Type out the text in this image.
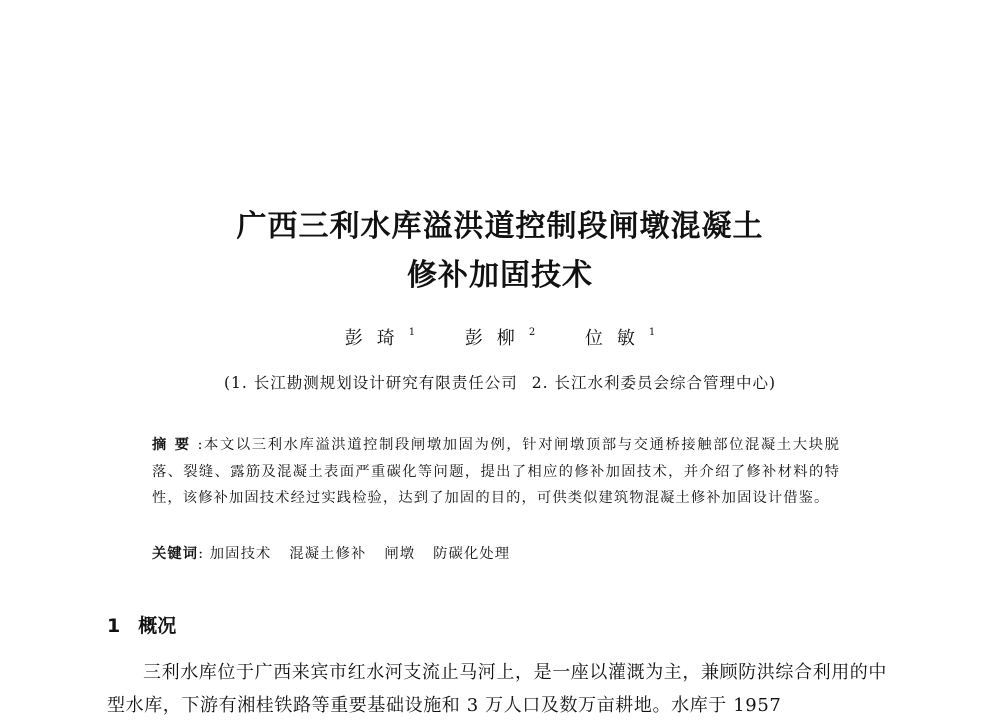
广西三利水库溢洪道控制段闸墩混凝土
修补加固技术
彭琦$^1$	彭柳$^2$	位敏$^1$
(1. 长江勘测规划设计研究有限责任公司 2. 长江水利委员会综合管理中心)
摘要:本文以三利水库溢洪道控制段闸墩加固为例，针对闸墩顶部与交通桥接触部位混凝土大块脱落、裂缝、露筋及混凝土表面严重碳化等问题，提出了相应的修补加固技术，并介绍了修补材料的特性，该修补加固技术经过实践检验，达到了加固的目的，可供类似建筑物混凝土修补加固设计借鉴。
关键词: 加固技术 混凝土修补 闸墩 防碳化处理
1 概况
三利水库位于广西来宾市红水河支流止马河上，是一座以灌溉为主，兼顾防洪综合利用的中型水库，下游有湘桂铁路等重要基础设施和 3 万人口及数万亩耕地。水库于 1957
